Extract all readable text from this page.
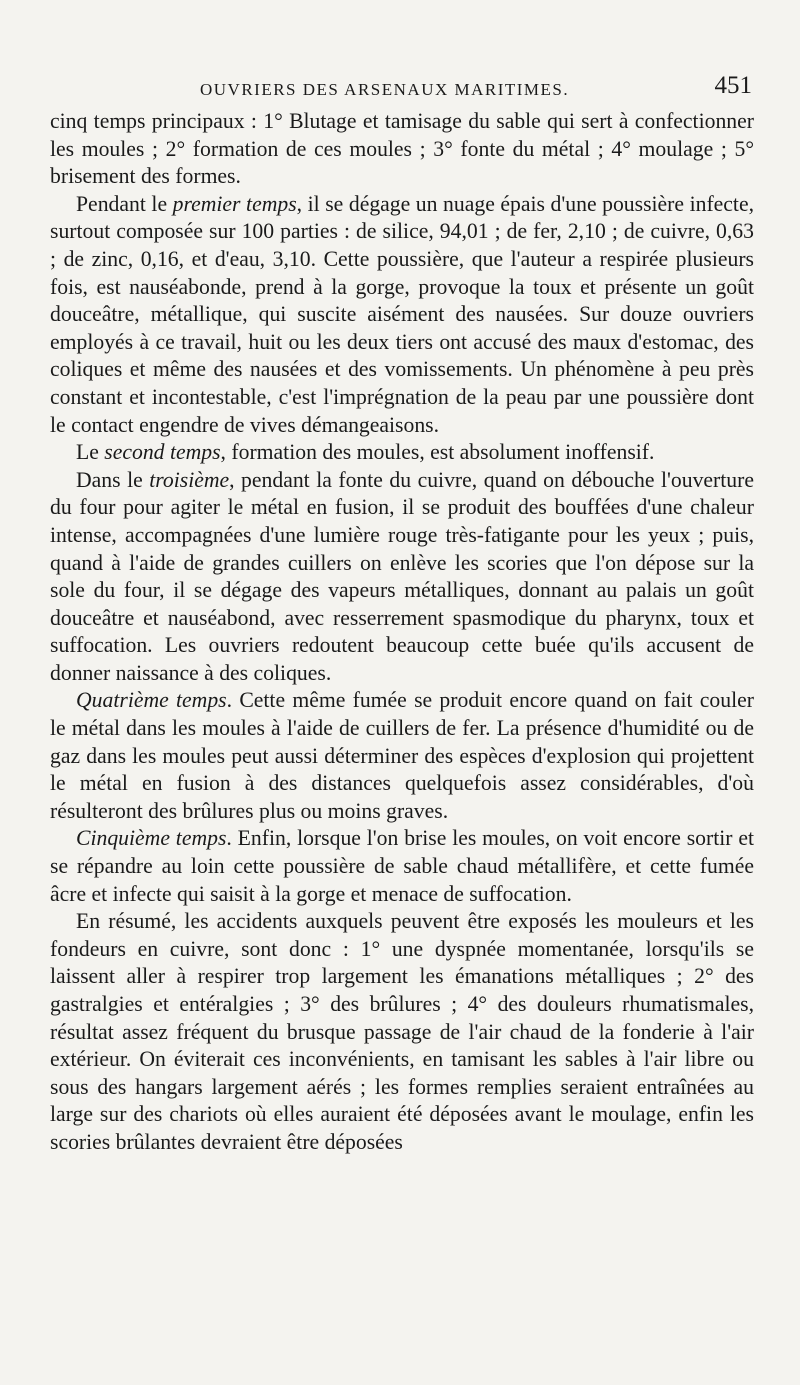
OUVRIERS DES ARSENAUX MARITIMES.	451

cinq temps principaux : 1° Blutage et tamisage du sable qui sert à confectionner les moules ; 2° formation de ces moules ; 3° fonte du métal ; 4° moulage ; 5° brisement des formes.

Pendant le premier temps, il se dégage un nuage épais d'une poussière infecte, surtout composée sur 100 parties : de silice, 94,01 ; de fer, 2,10 ; de cuivre, 0,63 ; de zinc, 0,16, et d'eau, 3,10. Cette poussière, que l'auteur a respirée plusieurs fois, est nauséabonde, prend à la gorge, provoque la toux et présente un goût douceâtre, métallique, qui suscite aisément des nausées. Sur douze ouvriers employés à ce travail, huit ou les deux tiers ont accusé des maux d'estomac, des coliques et même des nausées et des vomissements. Un phénomène à peu près constant et incontestable, c'est l'imprégnation de la peau par une poussière dont le contact engendre de vives démangeaisons.

Le second temps, formation des moules, est absolument inoffensif.

Dans le troisième, pendant la fonte du cuivre, quand on débouche l'ouverture du four pour agiter le métal en fusion, il se produit des bouffées d'une chaleur intense, accompagnées d'une lumière rouge très-fatigante pour les yeux ; puis, quand à l'aide de grandes cuillers on enlève les scories que l'on dépose sur la sole du four, il se dégage des vapeurs métalliques, donnant au palais un goût douceâtre et nauséabond, avec resserrement spasmodique du pharynx, toux et suffocation. Les ouvriers redoutent beaucoup cette buée qu'ils accusent de donner naissance à des coliques.

Quatrième temps. Cette même fumée se produit encore quand on fait couler le métal dans les moules à l'aide de cuillers de fer. La présence d'humidité ou de gaz dans les moules peut aussi déterminer des espèces d'explosion qui projettent le métal en fusion à des distances quelquefois assez considérables, d'où résulteront des brûlures plus ou moins graves.

Cinquième temps. Enfin, lorsque l'on brise les moules, on voit encore sortir et se répandre au loin cette poussière de sable chaud métallifère, et cette fumée âcre et infecte qui saisit à la gorge et menace de suffocation.

En résumé, les accidents auxquels peuvent être exposés les mouleurs et les fondeurs en cuivre, sont donc : 1° une dyspnée momentanée, lorsqu'ils se laissent aller à respirer trop largement les émanations métalliques ; 2° des gastralgies et entéralgies ; 3° des brûlures ; 4° des douleurs rhumatismales, résultat assez fréquent du brusque passage de l'air chaud de la fonderie à l'air extérieur. On éviterait ces inconvénients, en tamisant les sables à l'air libre ou sous des hangars largement aérés ; les formes remplies seraient entraînées au large sur des chariots où elles auraient été déposées avant le moulage, enfin les scories brûlantes devraient être déposées
